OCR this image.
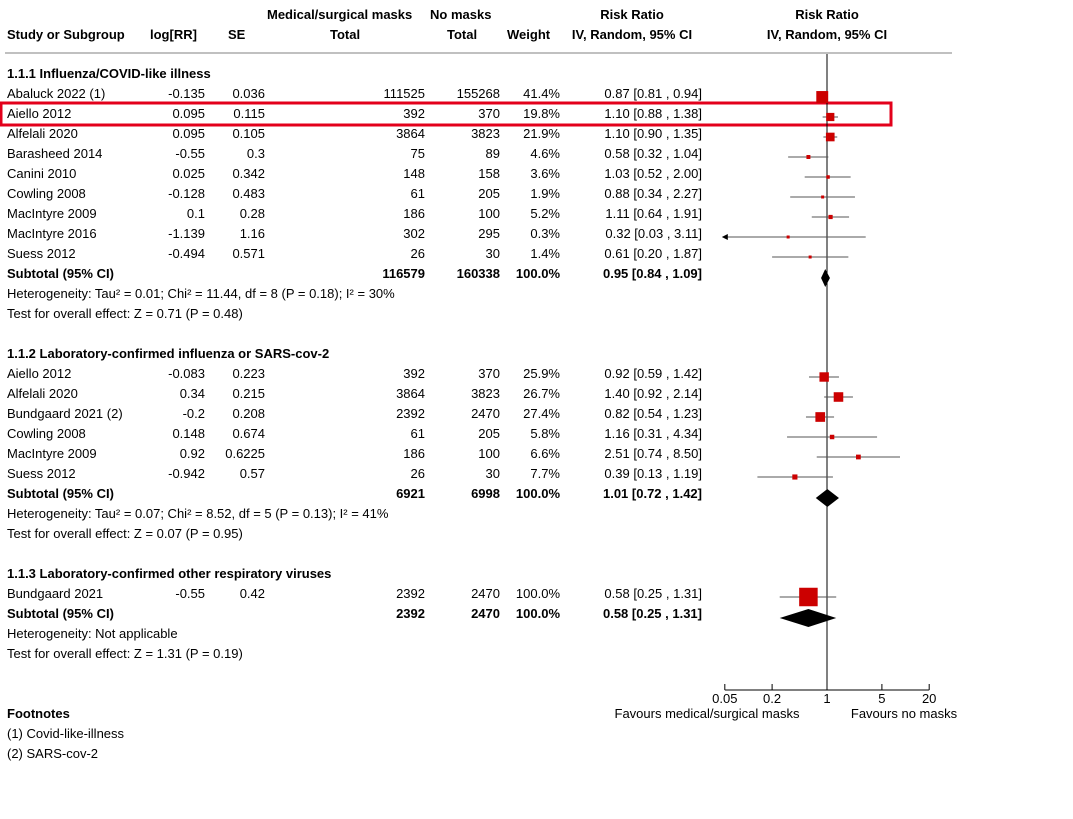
Medical/surgical masks No masks	Risk Ratio	Risk Ratio
Study or Subgroup log[RR] SE	Total	Total Weight IV, Random, 95% CI	IV, Random, 95% CI
1.1.1 Influenza/COVID-like illness
Abaluck 2022 (1)	-0.135 0.036	111525 155268 41.4%	0.87 [0.81 , 0.94]
Aiello 2012	0.095 0.115	392	370 19.8%	1.10 [0.88 , 1.38]
Alfelali 2020	0.095 0.105	3864	3823 21.9%	1.10 [0.90 , 1.35]
Barasheed 2014	-0.55	0.3	75	89 4.6%	0.58 [0.32 , 1.04]
Canini 2010	0.025 0.342	148	158 3.6%	1.03 [0.52 , 2.00]
Cowling 2008	-0.128 0.483	61	205 1.9%	0.88 [0.34 , 2.27]
MacIntyre 2009	0.1	0.28	186	100 5.2%	1.11 [0.64 , 1.91]
MacIntyre 2016	-1.139	1.16	302	295 0.3%	0.32 [0.03 , 3.11]
Suess 2012	-0.494 0.571	26	30 1.4%	0.61 [0.20 , 1.87]
Subtotal (95% CI)	116579 160338 100.0%	0.95 [0.84 , 1.09]
Heterogeneity: Tau² = 0.01; Chi² = 11.44, df = 8 (P = 0.18); I² = 30%
Test for overall effect: Z = 0.71 (P = 0.48)
1.1.2 Laboratory-confirmed influenza or SARS-cov-2
Aiello 2012	-0.083 0.223	392	370 25.9%	0.92 [0.59 , 1.42]
Alfelali 2020	0.34 0.215	3864	3823 26.7%	1.40 [0.92 , 2.14]
Bundgaard 2021 (2)	-0.2 0.208	2392	2470 27.4%	0.82 [0.54 , 1.23]
Cowling 2008	0.148 0.674	61	205 5.8%	1.16 [0.31 , 4.34]
MacIntyre 2009	0.92 0.6225	186	100 6.6%	2.51 [0.74 , 8.50]
Suess 2012	-0.942	0.57	26	30 7.7%	0.39 [0.13 , 1.19]
Subtotal (95% CI)	6921	6998 100.0%	1.01 [0.72 , 1.42]
Heterogeneity: Tau² = 0.07; Chi² = 8.52, df = 5 (P = 0.13); I² = 41%
Test for overall effect: Z = 0.07 (P = 0.95)
1.1.3 Laboratory-confirmed other respiratory viruses
Bundgaard 2021	-0.55	0.42	2392	2470 100.0%	0.58 [0.25 , 1.31]
Subtotal (95% CI)	2392	2470 100.0%	0.58 [0.25 , 1.31]
Heterogeneity: Not applicable
Test for overall effect: Z = 1.31 (P = 0.19)
0.05 0.2	1	5	20
Favours medical/surgical masks	Favours no masks
Footnotes
(1) Covid-like-illness
(2) SARS-cov-2
